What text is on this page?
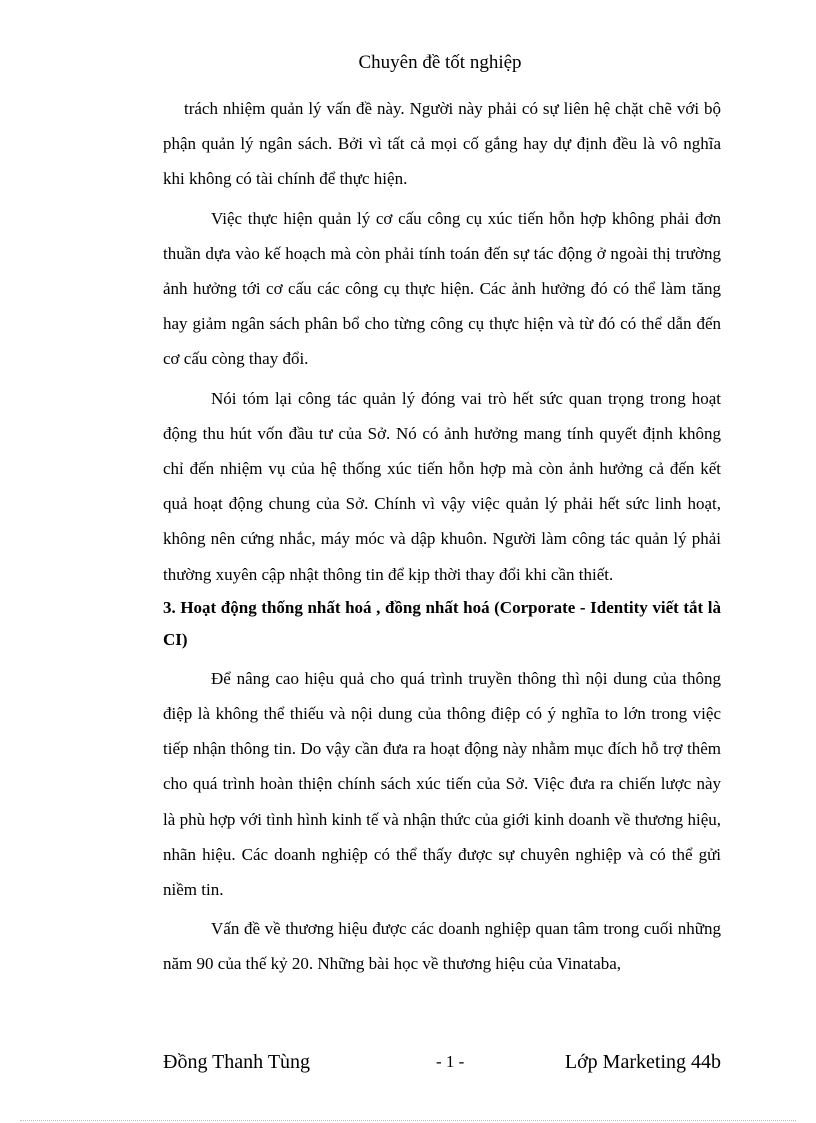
Chuyên đề tốt nghiệp

trách nhiệm quản lý vấn đề này. Người này phải có sự liên hệ chặt chẽ với bộ phận quản lý ngân sách. Bởi vì tất cả mọi cố gắng hay dự định đều là vô nghĩa khi không có tài chính để thực hiện.

Việc thực hiện quản lý cơ cấu công cụ xúc tiến hỗn hợp không phải đơn thuần dựa vào kế hoạch mà còn phải tính toán đến sự tác động ở ngoài thị trường ảnh hưởng tới cơ cấu các công cụ thực hiện. Các ảnh hưởng đó có thể làm tăng hay giảm ngân sách phân bổ cho từng công cụ thực hiện và từ đó có thể dẫn đến cơ cấu còng thay đổi.

Nói tóm lại công tác quản lý đóng vai trò hết sức quan trọng trong hoạt động thu hút vốn đầu tư của Sở. Nó có ảnh hưởng mang tính quyết định không chỉ đến nhiệm vụ của hệ thống xúc tiến hỗn hợp mà còn ảnh hưởng cả đến kết quả hoạt động chung của Sở. Chính vì vậy việc quản lý phải hết sức linh hoạt, không nên cứng nhắc, máy móc và dập khuôn. Người làm công tác quản lý phải thường xuyên cập nhật thông tin để kịp thời thay đổi khi cần thiết.

3. Hoạt động thống nhất hoá , đồng nhất hoá (Corporate - Identity viết tắt là CI)

Để nâng cao hiệu quả cho quá trình truyền thông thì nội dung của thông điệp là không thể thiếu và nội dung của thông điệp có ý nghĩa to lớn trong việc tiếp nhận thông tin. Do vậy cần đưa ra hoạt động này nhằm mục đích hỗ trợ thêm cho quá trình hoàn thiện chính sách xúc tiến của Sở. Việc đưa ra chiến lược này là phù hợp với tình hình kinh tế và nhận thức của giới kinh doanh về thương hiệu, nhãn hiệu. Các doanh nghiệp có thể thấy được sự chuyên nghiệp và có thể gửi niềm tin.

Vấn đề về thương hiệu được các doanh nghiệp quan tâm trong cuối những năm 90 của thế kỷ 20. Những bài học về thương hiệu của Vinataba,

Đồng Thanh Tùng	- 1 -	Lớp Marketing 44b
